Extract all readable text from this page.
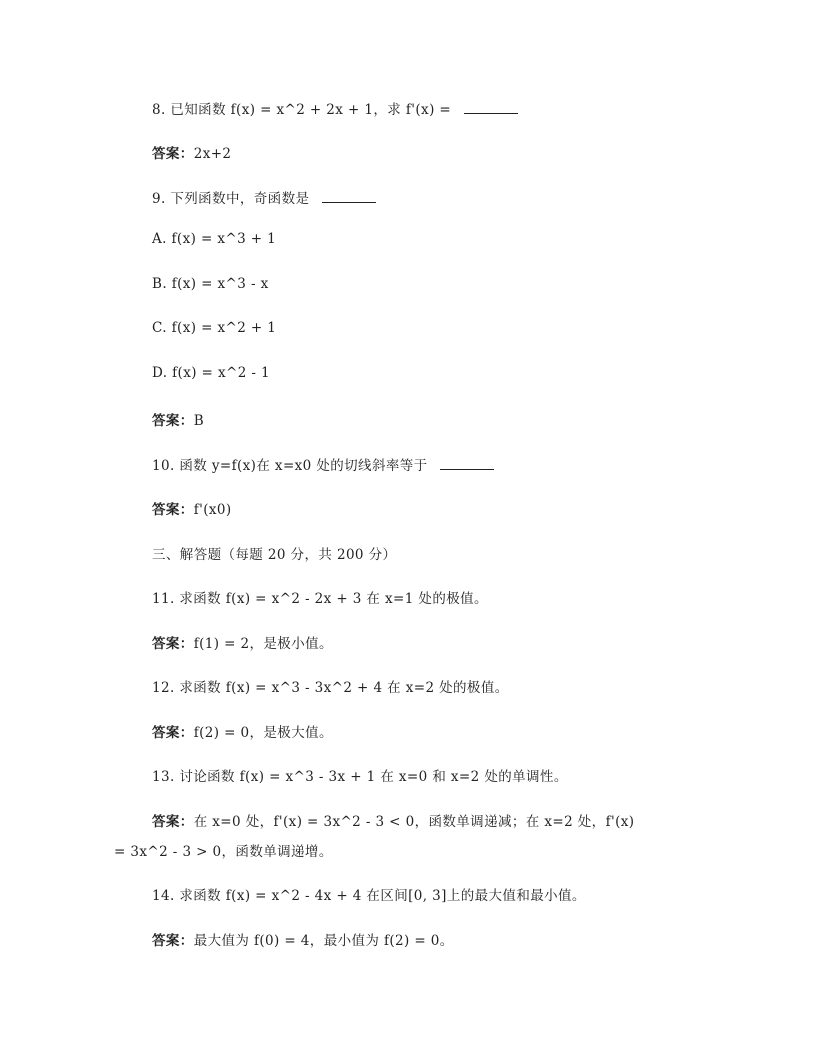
8. 已知函数 f(x) = x^2 + 2x + 1，求 f'(x) =
答案：2x+2
9. 下列函数中，奇函数是
A. f(x) = x^3 + 1
B. f(x) = x^3 - x
C. f(x) = x^2 + 1
D. f(x) = x^2 - 1
答案：B
10. 函数 y=f(x)在 x=x0 处的切线斜率等于
答案：f'(x0)
三、解答题（每题 20 分，共 200 分）
11. 求函数 f(x) = x^2 - 2x + 3 在 x=1 处的极值。
答案：f(1) = 2，是极小值。
12. 求函数 f(x) = x^3 - 3x^2 + 4 在 x=2 处的极值。
答案：f(2) = 0，是极大值。
13. 讨论函数 f(x) = x^3 - 3x + 1 在 x=0 和 x=2 处的单调性。
答案：在 x=0 处，f'(x) = 3x^2 - 3 < 0，函数单调递减；在 x=2 处，f'(x)
= 3x^2 - 3 > 0，函数单调递增。
14. 求函数 f(x) = x^2 - 4x + 4 在区间[0, 3]上的最大值和最小值。
答案：最大值为 f(0) = 4，最小值为 f(2) = 0。
